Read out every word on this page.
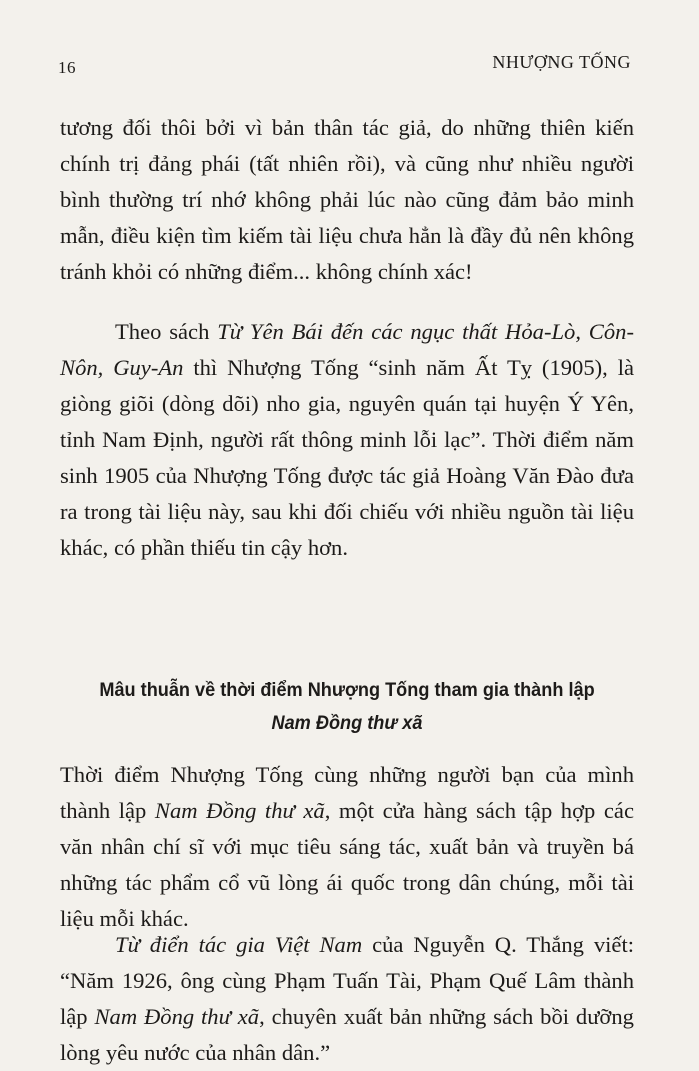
16	NHƯỢNG TỐNG

tương đối thôi bởi vì bản thân tác giả, do những thiên kiến chính trị đảng phái (tất nhiên rồi), và cũng như nhiều người bình thường trí nhớ không phải lúc nào cũng đảm bảo minh mẫn, điều kiện tìm kiếm tài liệu chưa hẳn là đầy đủ nên không tránh khỏi có những điểm... không chính xác!

Theo sách Từ Yên Bái đến các ngục thất Hỏa-Lò, Côn-Nôn, Guy-An thì Nhượng Tống “sinh năm Ất Tỵ (1905), là giòng giõi (dòng dõi) nho gia, nguyên quán tại huyện Ý Yên, tỉnh Nam Định, người rất thông minh lỗi lạc”. Thời điểm năm sinh 1905 của Nhượng Tống được tác giả Hoàng Văn Đào đưa ra trong tài liệu này, sau khi đối chiếu với nhiều nguồn tài liệu khác, có phần thiếu tin cậy hơn.

Mâu thuẫn về thời điểm Nhượng Tống tham gia thành lập Nam Đồng thư xã

Thời điểm Nhượng Tống cùng những người bạn của mình thành lập Nam Đồng thư xã, một cửa hàng sách tập hợp các văn nhân chí sĩ với mục tiêu sáng tác, xuất bản và truyền bá những tác phẩm cổ vũ lòng ái quốc trong dân chúng, mỗi tài liệu mỗi khác.

Từ điển tác gia Việt Nam của Nguyễn Q. Thắng viết: “Năm 1926, ông cùng Phạm Tuấn Tài, Phạm Quế Lâm thành lập Nam Đồng thư xã, chuyên xuất bản những sách bồi dưỡng lòng yêu nước của nhân dân.”
